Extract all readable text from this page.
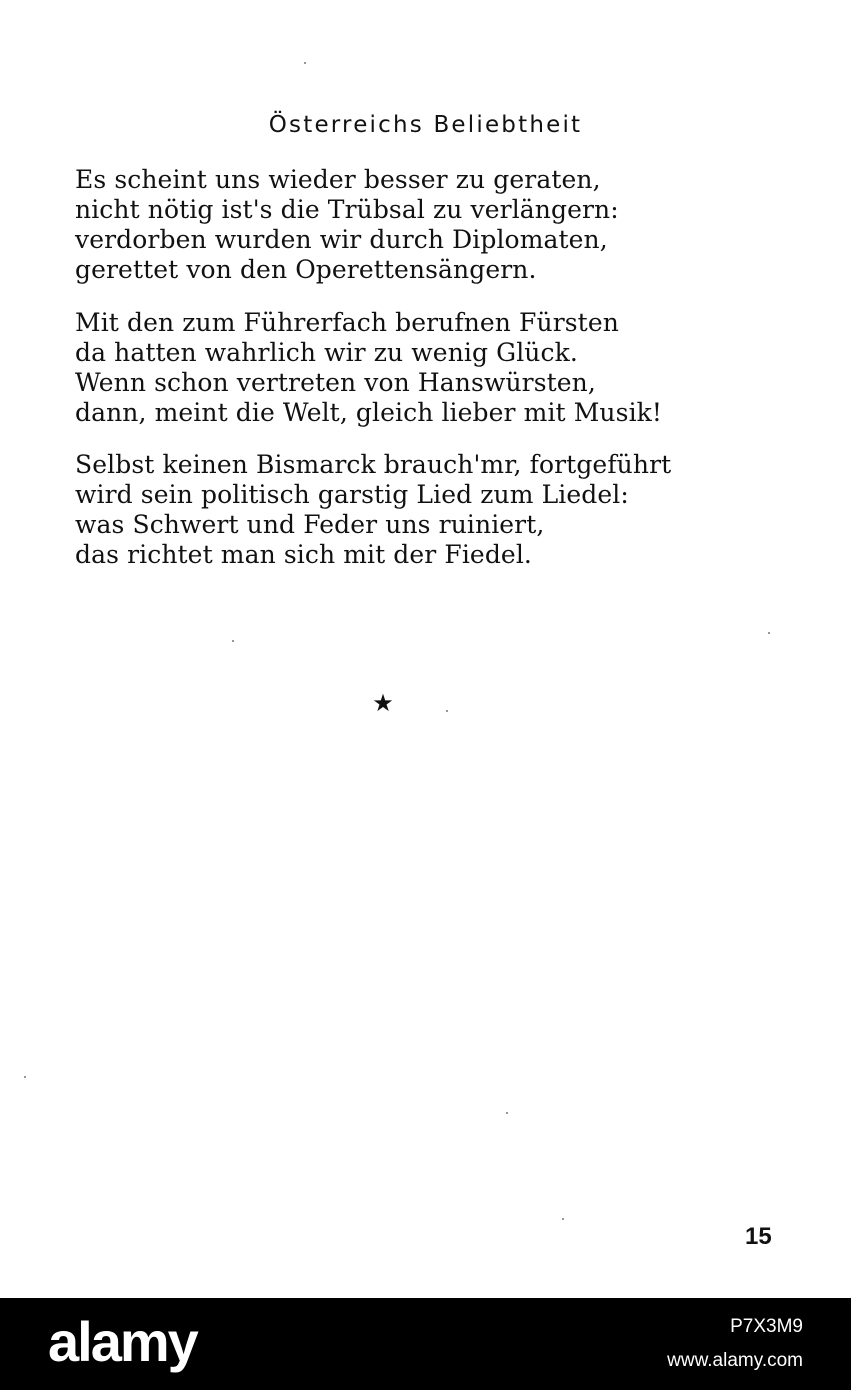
Österreichs Beliebtheit

Es scheint uns wieder besser zu geraten,
nicht nötig ist's die Trübsal zu verlängern:
verdorben wurden wir durch Diplomaten,
gerettet von den Operettensängern.

Mit den zum Führerfach berufnen Fürsten
da hatten wahrlich wir zu wenig Glück.
Wenn schon vertreten von Hanswürsten,
dann, meint die Welt, gleich lieber mit Musik!

Selbst keinen Bismarck brauch'mr, fortgeführt
wird sein politisch garstig Lied zum Liedel:
was Schwert und Feder uns ruiniert,
das richtet man sich mit der Fiedel.

★
15
alamy	P7X3M9
www.alamy.com
